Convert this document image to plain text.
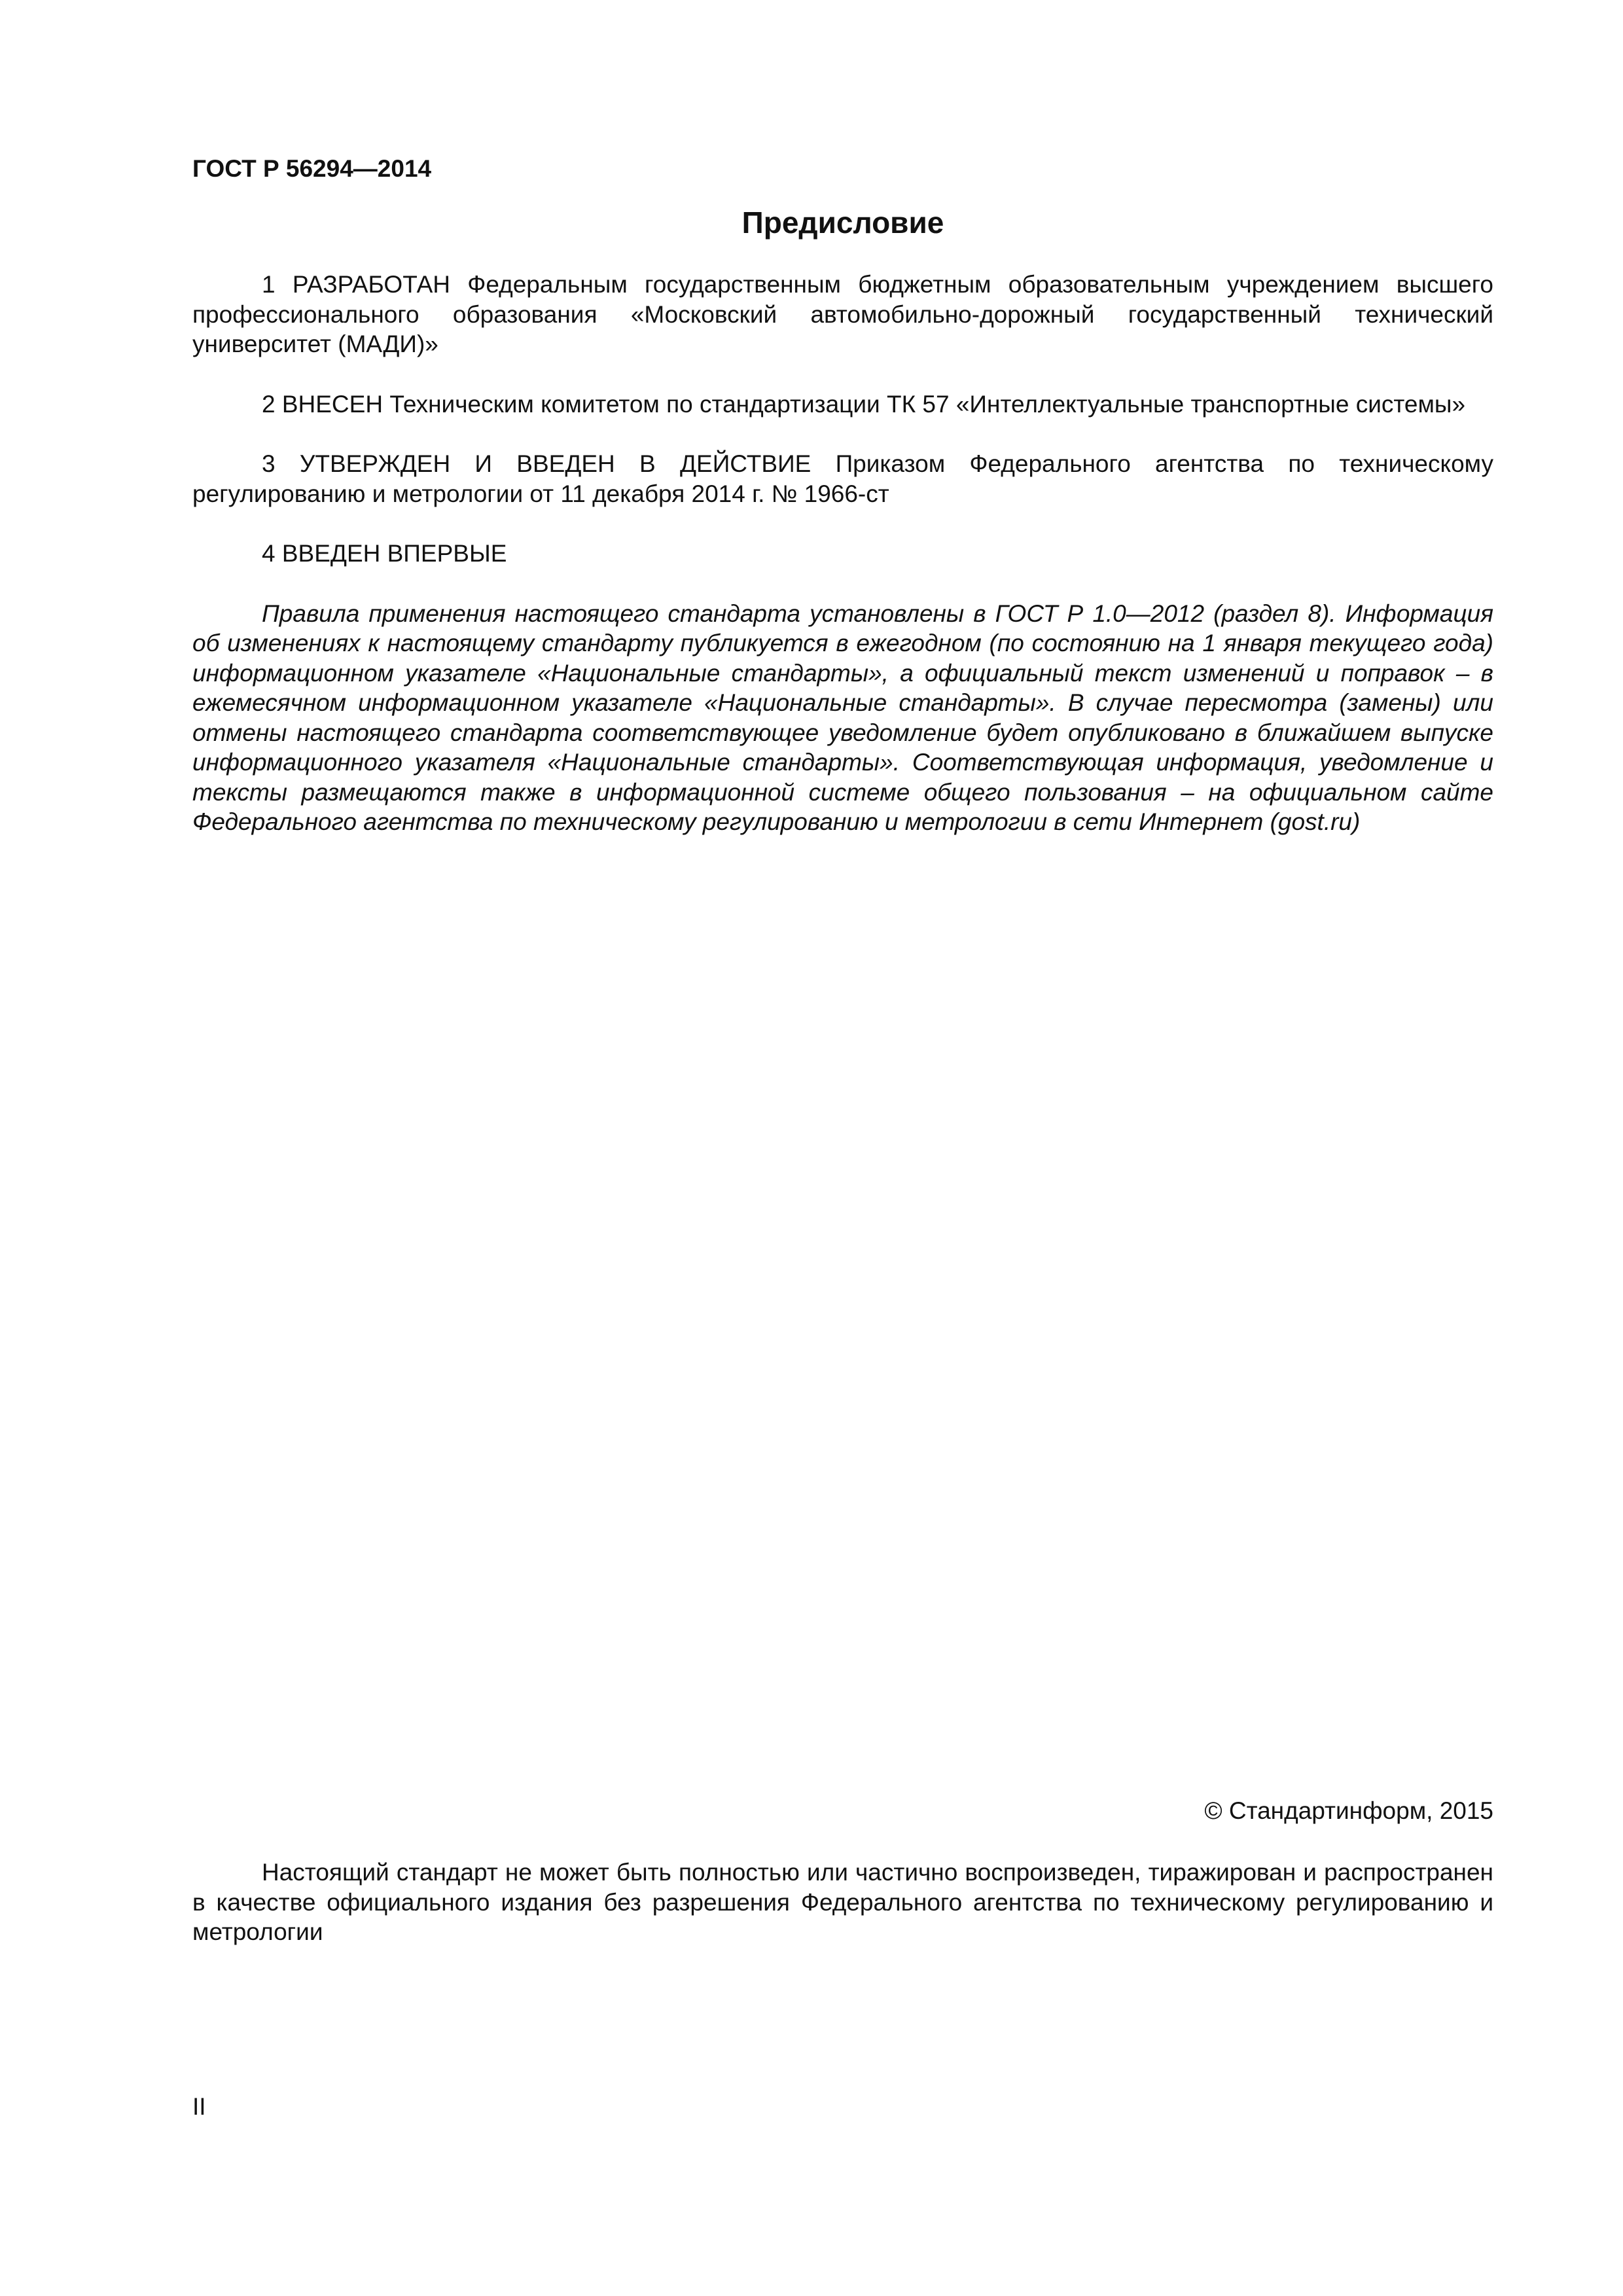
ГОСТ Р 56294—2014
Предисловие

1 РАЗРАБОТАН Федеральным государственным бюджетным образовательным учреждением высшего профессионального образования «Московский автомобильно-дорожный государственный технический университет (МАДИ)»

2 ВНЕСЕН Техническим комитетом по стандартизации ТК 57 «Интеллектуальные транспортные системы»

3 УТВЕРЖДЕН И ВВЕДЕН В ДЕЙСТВИЕ Приказом Федерального агентства по техническому регулированию и метрологии от 11 декабря 2014 г. № 1966-ст

4 ВВЕДЕН ВПЕРВЫЕ

Правила применения настоящего стандарта установлены в ГОСТ Р 1.0—2012 (раздел 8). Информация об изменениях к настоящему стандарту публикуется в ежегодном (по состоянию на 1 января текущего года) информационном указателе «Национальные стандарты», а официальный текст изменений и поправок – в ежемесячном информационном указателе «Национальные стандарты». В случае пересмотра (замены) или отмены настоящего стандарта соответствующее уведомление будет опубликовано в ближайшем выпуске информационного указателя «Национальные стандарты». Соответствующая информация, уведомление и тексты размещаются также в информационной системе общего пользования – на официальном сайте Федерального агентства по техническому регулированию и метрологии в сети Интернет (gost.ru)

© Стандартинформ, 2015

Настоящий стандарт не может быть полностью или частично воспроизведен, тиражирован и распространен в качестве официального издания без разрешения Федерального агентства по техническому регулированию и метрологии

II
